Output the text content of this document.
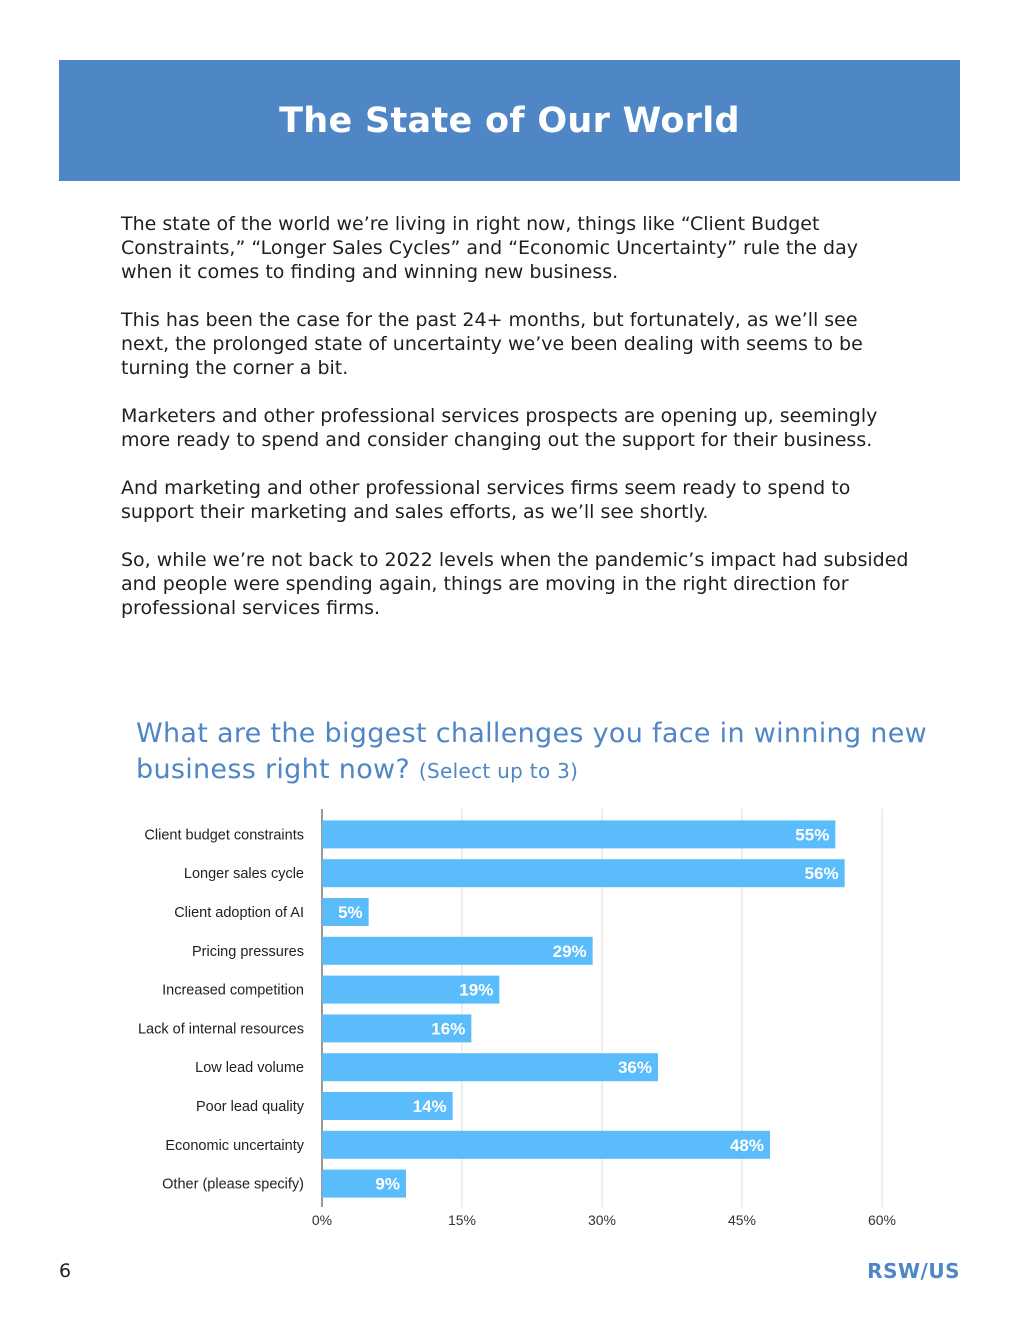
The State of Our World

The state of the world we’re living in right now, things like “Client Budget Constraints,” “Longer Sales Cycles” and “Economic Uncertainty” rule the day when it comes to finding and winning new business.

This has been the case for the past 24+ months, but fortunately, as we’ll see next, the prolonged state of uncertainty we’ve been dealing with seems to be turning the corner a bit.

Marketers and other professional services prospects are opening up, seemingly more ready to spend and consider changing out the support for their business.

And marketing and other professional services firms seem ready to spend to support their marketing and sales efforts, as we’ll see shortly.

So, while we’re not back to 2022 levels when the pandemic’s impact had subsided and people were spending again, things are moving in the right direction for professional services firms.

What are the biggest challenges you face in winning new business right now? (Select up to 3)
0%	15%	30%	45%	60%
Client budget constraints	55%
Longer sales cycle	56%
Client adoption of AI 5%
Pricing pressures	29%
Increased competition	19%
Lack of internal resources	16%
Low lead volume	36%
Poor lead quality	14%
Economic uncertainty	48%
Other (please specify)	9%
6	RSW/US
